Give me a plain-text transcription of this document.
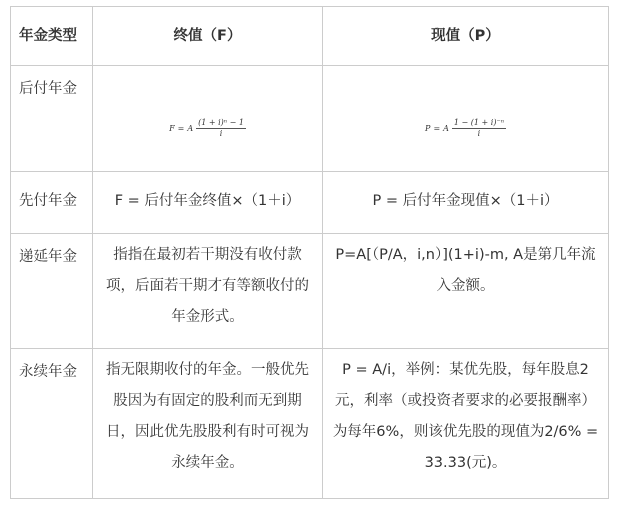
年金类型	终值（F）	现值（P）
后付年金	F = A $\frac{\text{(1 + i)ⁿ − 1}}{i}$	P = A $\frac{\text{1 − (1 + i)⁻ⁿ}}{i}$

先付年金	F = 后付年金终值×（1＋i）	P = 后付年金现值×（1＋i）
递延年金	指指在最初若干期没有收付款项，后面若干期才有等额收付的年金形式。	P=A[（P/A，i,n）](1+i)-m, A是第几年流入金额。
永续年金	指无限期收付的年金。一般优先股因为有固定的股利而无到期日，因此优先股股利有时可视为永续年金。	P = A/i，举例：某优先股，每年股息2元，利率（或投资者要求的必要报酬率）为每年6%，则该优先股的现值为2/6% = 33.33(元)。
